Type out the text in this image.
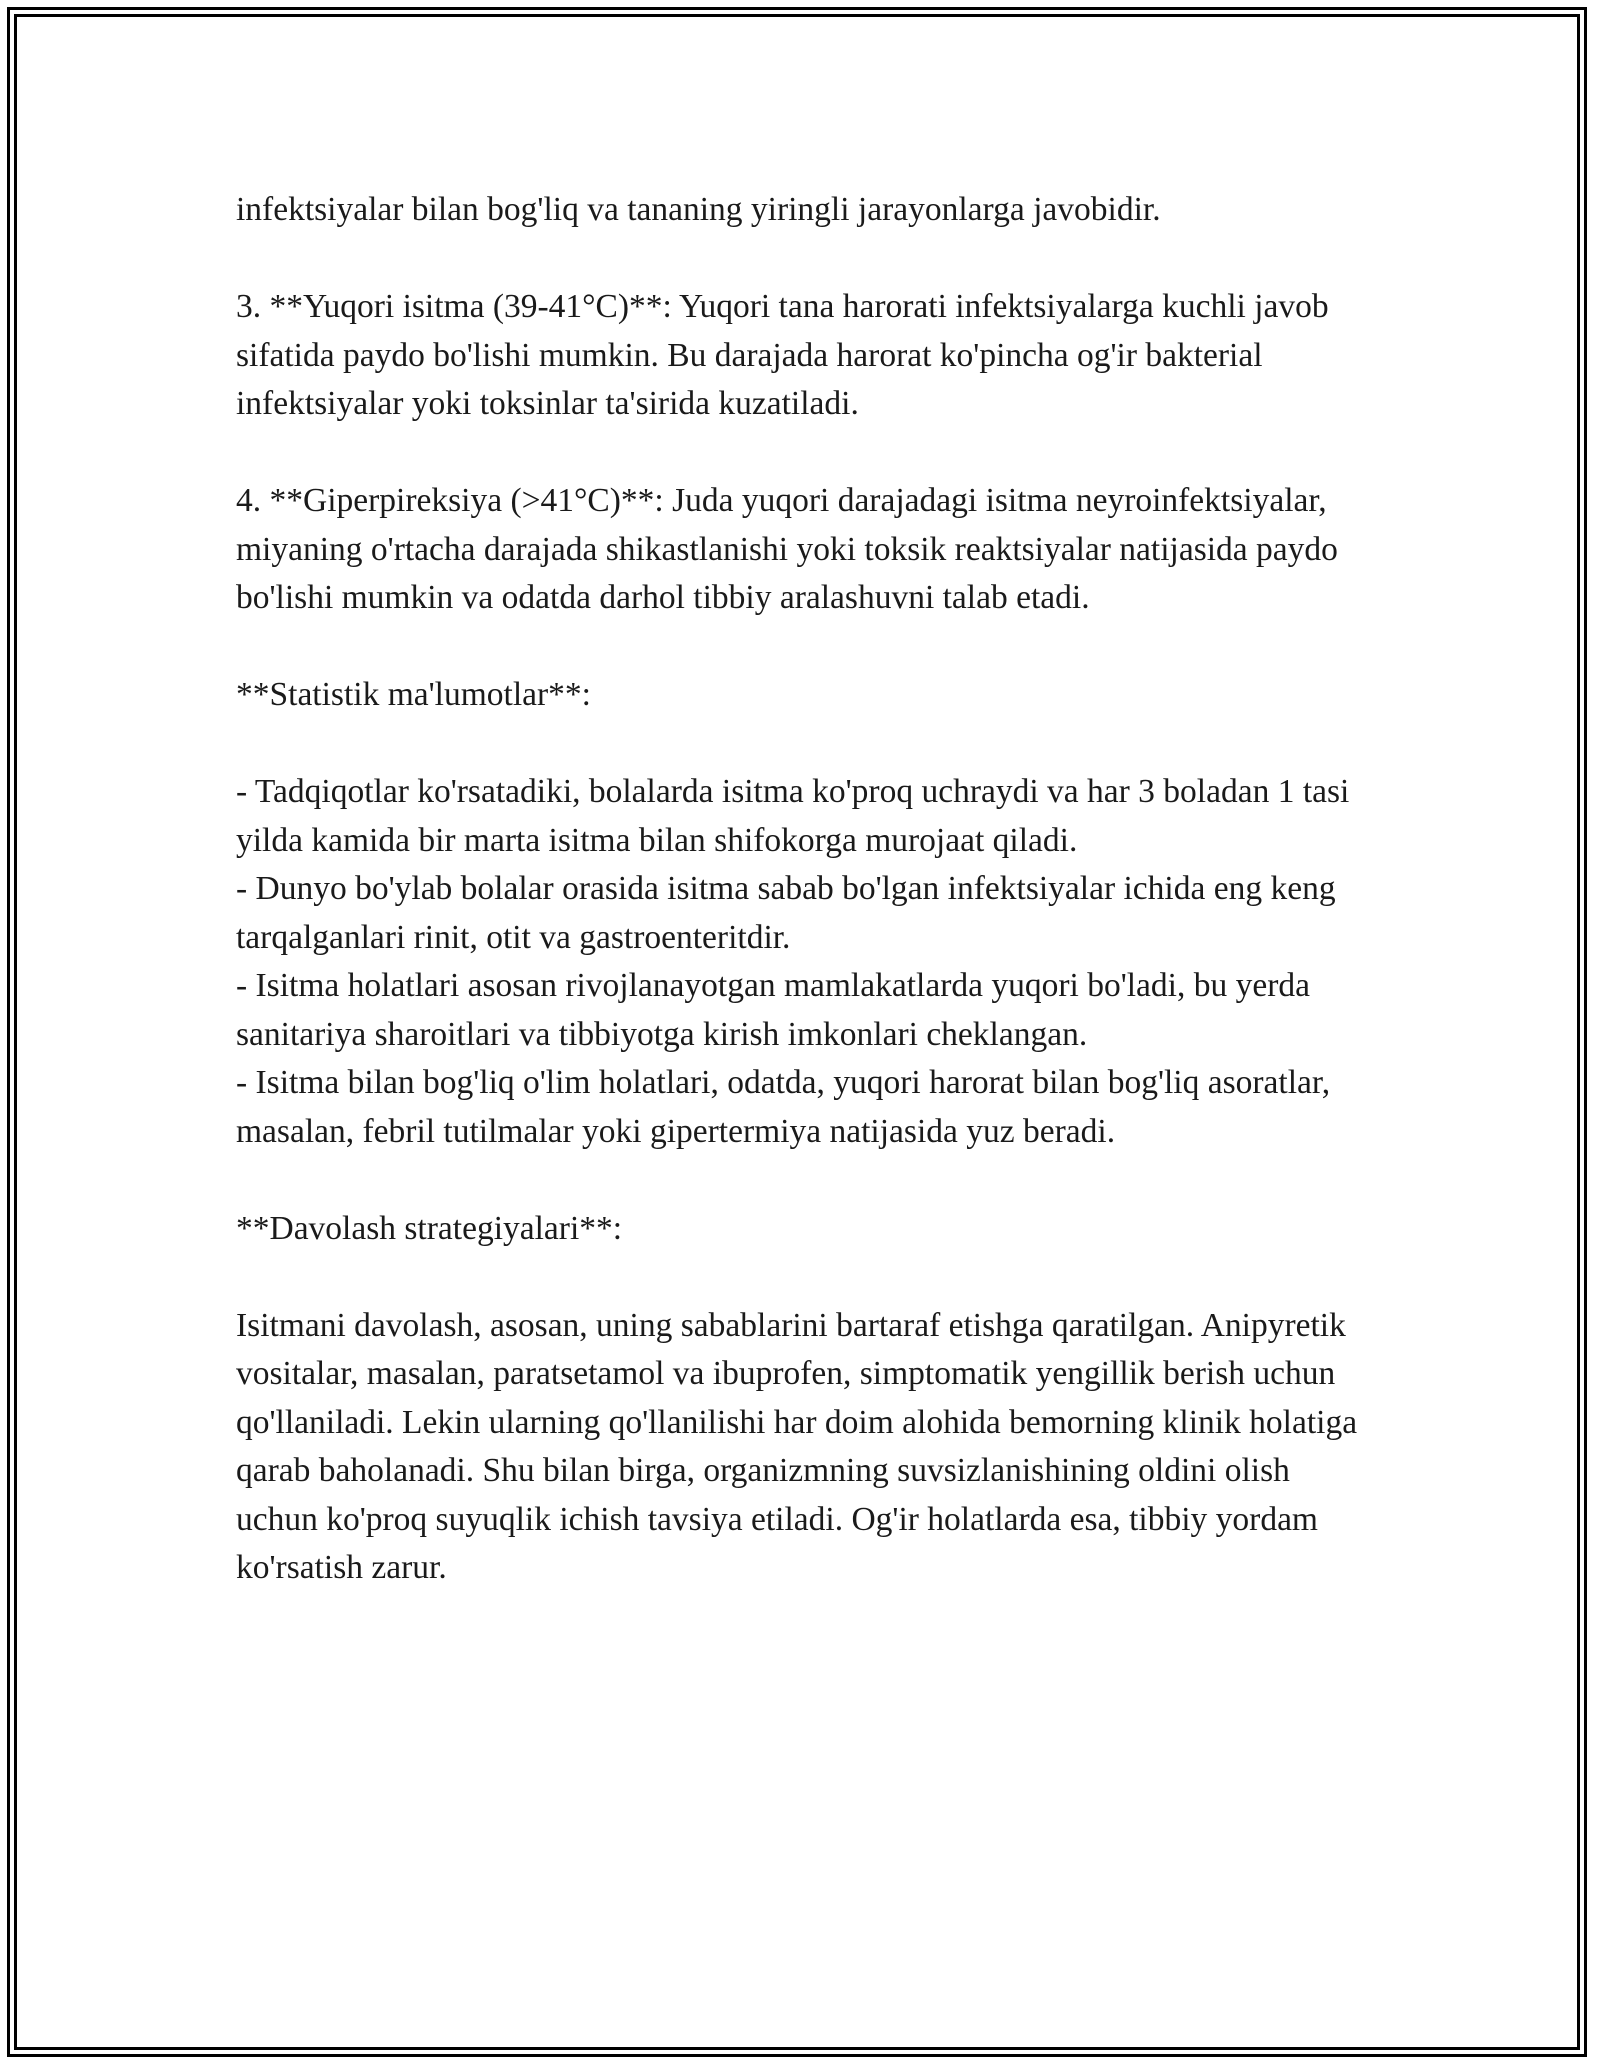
infektsiyalar bilan bog'liq va tananing yiringli jarayonlarga javobidir.

3. **Yuqori isitma (39-41°C)**: Yuqori tana harorati infektsiyalarga kuchli javob sifatida paydo bo'lishi mumkin. Bu darajada harorat ko'pincha og'ir bakterial infektsiyalar yoki toksinlar ta'sirida kuzatiladi.

4. **Giperpireksiya (>41°C)**: Juda yuqori darajadagi isitma neyroinfektsiyalar, miyaning o'rtacha darajada shikastlanishi yoki toksik reaktsiyalar natijasida paydo bo'lishi mumkin va odatda darhol tibbiy aralashuvni talab etadi.

**Statistik ma'lumotlar**:

- Tadqiqotlar ko'rsatadiki, bolalarda isitma ko'proq uchraydi va har 3 boladan 1 tasi yilda kamida bir marta isitma bilan shifokorga murojaat qiladi.

- Dunyo bo'ylab bolalar orasida isitma sabab bo'lgan infektsiyalar ichida eng keng tarqalganlari rinit, otit va gastroenteritdir.

- Isitma holatlari asosan rivojlanayotgan mamlakatlarda yuqori bo'ladi, bu yerda sanitariya sharoitlari va tibbiyotga kirish imkonlari cheklangan.

- Isitma bilan bog'liq o'lim holatlari, odatda, yuqori harorat bilan bog'liq asoratlar, masalan, febril tutilmalar yoki gipertermiya natijasida yuz beradi.

**Davolash strategiyalari**:

Isitmani davolash, asosan, uning sabablarini bartaraf etishga qaratilgan. Anipyretik vositalar, masalan, paratsetamol va ibuprofen, simptomatik yengillik berish uchun qo'llaniladi. Lekin ularning qo'llanilishi har doim alohida bemorning klinik holatiga qarab baholanadi. Shu bilan birga, organizmning suvsizlanishining oldini olish uchun ko'proq suyuqlik ichish tavsiya etiladi. Og'ir holatlarda esa, tibbiy yordam ko'rsatish zarur.
